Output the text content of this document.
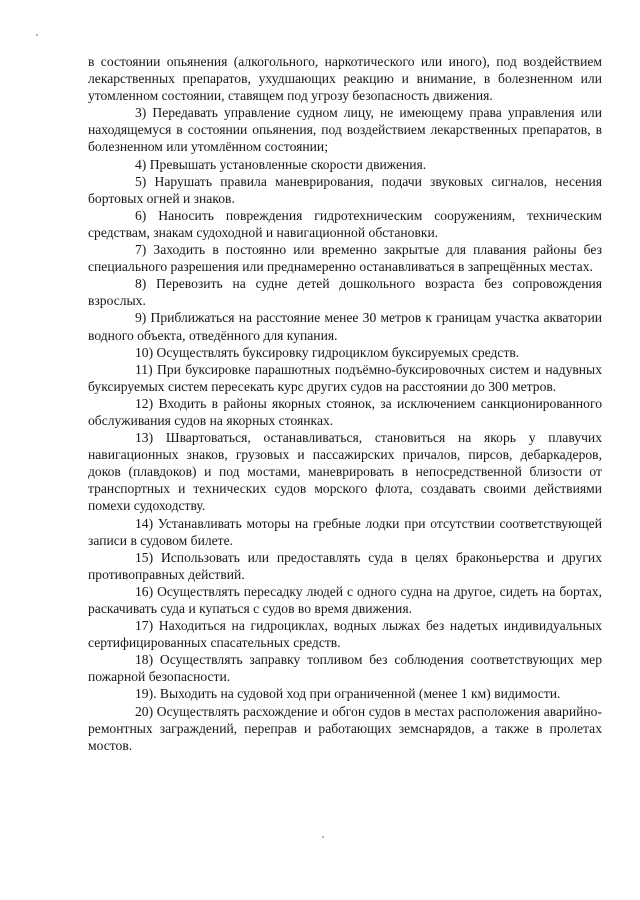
в состоянии опьянения (алкогольного, наркотического или иного), под воздействием лекарственных препаратов, ухудшающих реакцию и внимание, в болезненном или утомленном состоянии, ставящем под угрозу безопасность движения.

3) Передавать управление судном лицу, не имеющему права управления или находящемуся в состоянии опьянения, под воздействием лекарственных препаратов, в болезненном или утомлённом состоянии;

4) Превышать установленные скорости движения.

5) Нарушать правила маневрирования, подачи звуковых сигналов, несения бортовых огней и знаков.

6) Наносить повреждения гидротехническим сооружениям, техническим средствам, знакам судоходной и навигационной обстановки.

7) Заходить в постоянно или временно закрытые для плавания районы без специального разрешения или преднамеренно останавливаться в запрещённых местах.

8) Перевозить на судне детей дошкольного возраста без сопровождения взрослых.

9) Приближаться на расстояние менее 30 метров к границам участка акватории водного объекта, отведённого для купания.

10) Осуществлять буксировку гидроциклом буксируемых средств.

11) При буксировке парашютных подъёмно-буксировочных систем и надувных буксируемых систем пересекать курс других судов на расстоянии до 300 метров.

12) Входить в районы якорных стоянок, за исключением санкционированного обслуживания судов на якорных стоянках.

13) Швартоваться, останавливаться, становиться на якорь у плавучих навигационных знаков, грузовых и пассажирских причалов, пирсов, дебаркадеров, доков (плавдоков) и под мостами, маневрировать в непосредственной близости от транспортных и технических судов морского флота, создавать своими действиями помехи судоходству.

14) Устанавливать моторы на гребные лодки при отсутствии соответствующей записи в судовом билете.

15) Использовать или предоставлять суда в целях браконьерства и других противоправных действий.

16) Осуществлять пересадку людей с одного судна на другое, сидеть на бортах, раскачивать суда и купаться с судов во время движения.

17) Находиться на гидроциклах, водных лыжах без надетых индивидуальных сертифицированных спасательных средств.

18) Осуществлять заправку топливом без соблюдения соответствующих мер пожарной безопасности.

19). Выходить на судовой ход при ограниченной (менее 1 км) видимости.

20) Осуществлять расхождение и обгон судов в местах расположения аварийно-ремонтных заграждений, переправ и работающих земснарядов, а также в пролетах мостов.
